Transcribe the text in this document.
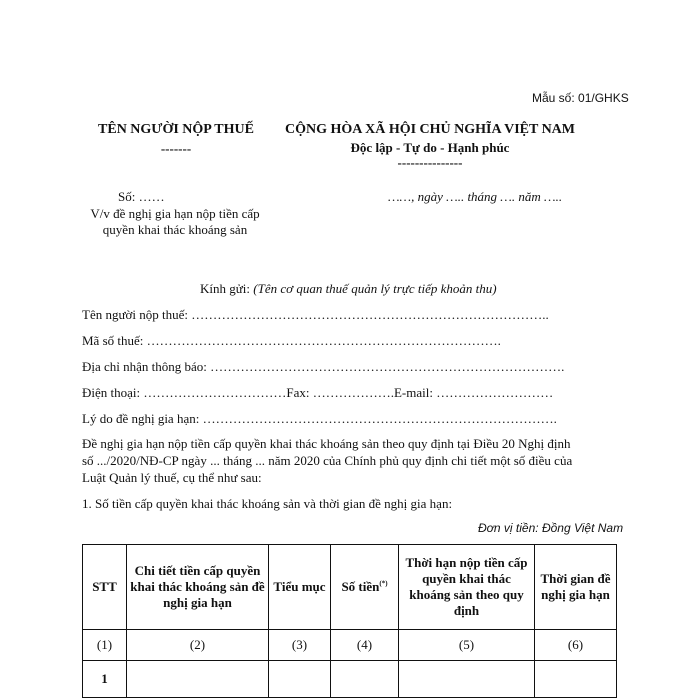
Mẫu số: 01/GHKS
TÊN NGƯỜI NỘP THUẾ
-------
CỘNG HÒA XÃ HỘI CHỦ NGHĨA VIỆT NAM
Độc lập - Tự do - Hạnh phúc
---------------
Số: ……
V/v đề nghị gia hạn nộp tiền cấp
quyền khai thác khoáng sản
……, ngày ….. tháng …. năm …..
Kính gửi: (Tên cơ quan thuế quản lý trực tiếp khoản thu)
Tên người nộp thuế: ………………………………………………………………………..
Mã số thuế: ……………………………………………………………………….
Địa chỉ nhận thông báo: ……………………………………………………………………….
Điện thoại: ……………………………Fax: ……………….E-mail: ………………………
Lý do đề nghị gia hạn: ……………………………………………………………………….
Đề nghị gia hạn nộp tiền cấp quyền khai thác khoáng sản theo quy định tại Điều 20 Nghị định
số .../2020/NĐ-CP ngày ... tháng ... năm 2020 của Chính phủ quy định chi tiết một số điều của
Luật Quản lý thuế, cụ thể như sau:
1. Số tiền cấp quyền khai thác khoáng sản và thời gian đề nghị gia hạn:
Đơn vị tiền: Đồng Việt Nam
STT	Chi tiết tiền cấp quyền khai thác khoáng sản đề nghị gia hạn	Tiểu mục	Số tiền(*)	Thời hạn nộp tiền cấp quyền khai thác khoáng sản theo quy định	Thời gian đề nghị gia hạn
(1)	(2)	(3)	(4)	(5)	(6)
1					
